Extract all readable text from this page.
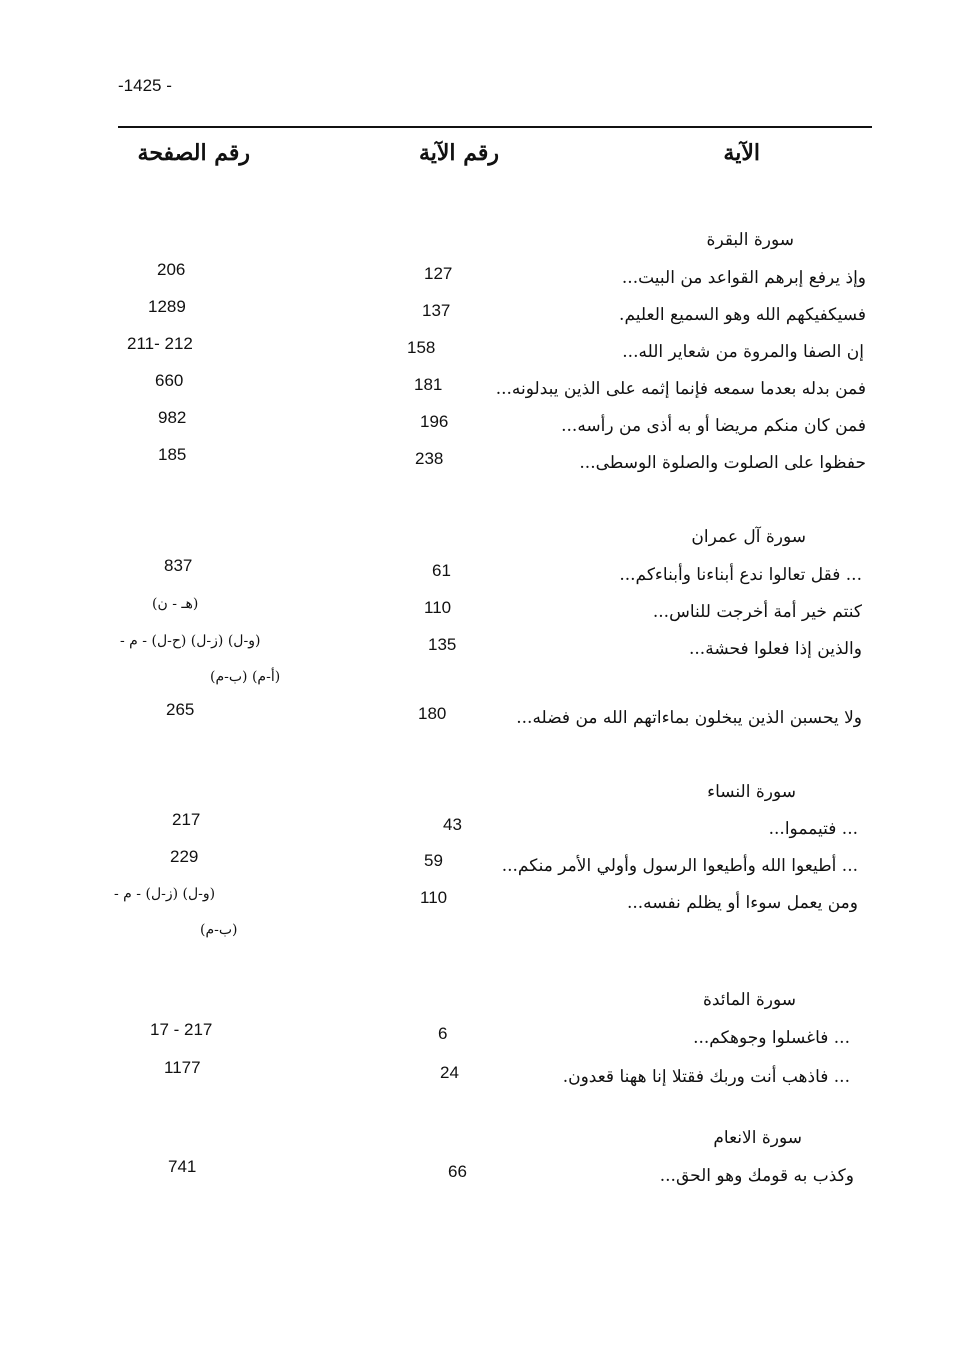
-1425 -
الآية
رقم الآية
رقم الصفحة
سورة البقرة
وإذ يرفع إبرهم القواعد من البيت...
127
206
فسيكفيكهم الله وهو السميع العليم.
137
1289
إن الصفا والمروة من شعاير الله...
158
211- 212
فمن بدله بعدما سمعه فإنما إثمه على الذين يبدلونه...
181
660
فمن كان منكم مريضا أو به أذى من رأسه...
196
982
حفظوا على الصلوت والصلوة الوسطى...
238
185
سورة آل عمران
... فقل تعالوا ندع أبناءنا وأبناءكم...
61
837
كنتم خير أمة أخرجت للناس...
110
(هـ - ن)
والذين إذا فعلوا فحشة...
135
(و-ل) (ز-ل) (ح-ل) - م -
(أ-م) (ب-م)
ولا يحسبن الذين يبخلون بماءاتهم الله من فضله...
180
265
سورة النساء
... فتيمموا...
43
217
... أطيعوا الله وأطيعوا الرسول وأولي الأمر منكم...
59
229
ومن يعمل سوءا أو يظلم نفسه...
110
(و-ل) (ز-ل) - م -
(ب-م)
سورة المائدة
... فاغسلوا وجوهكم...
6
17 - 217
... فاذهب أنت وربك فقتلا إنا ههنا قعدون.
24
1177
سورة الانعام
وكذب به قومك وهو الحق...
66
741
